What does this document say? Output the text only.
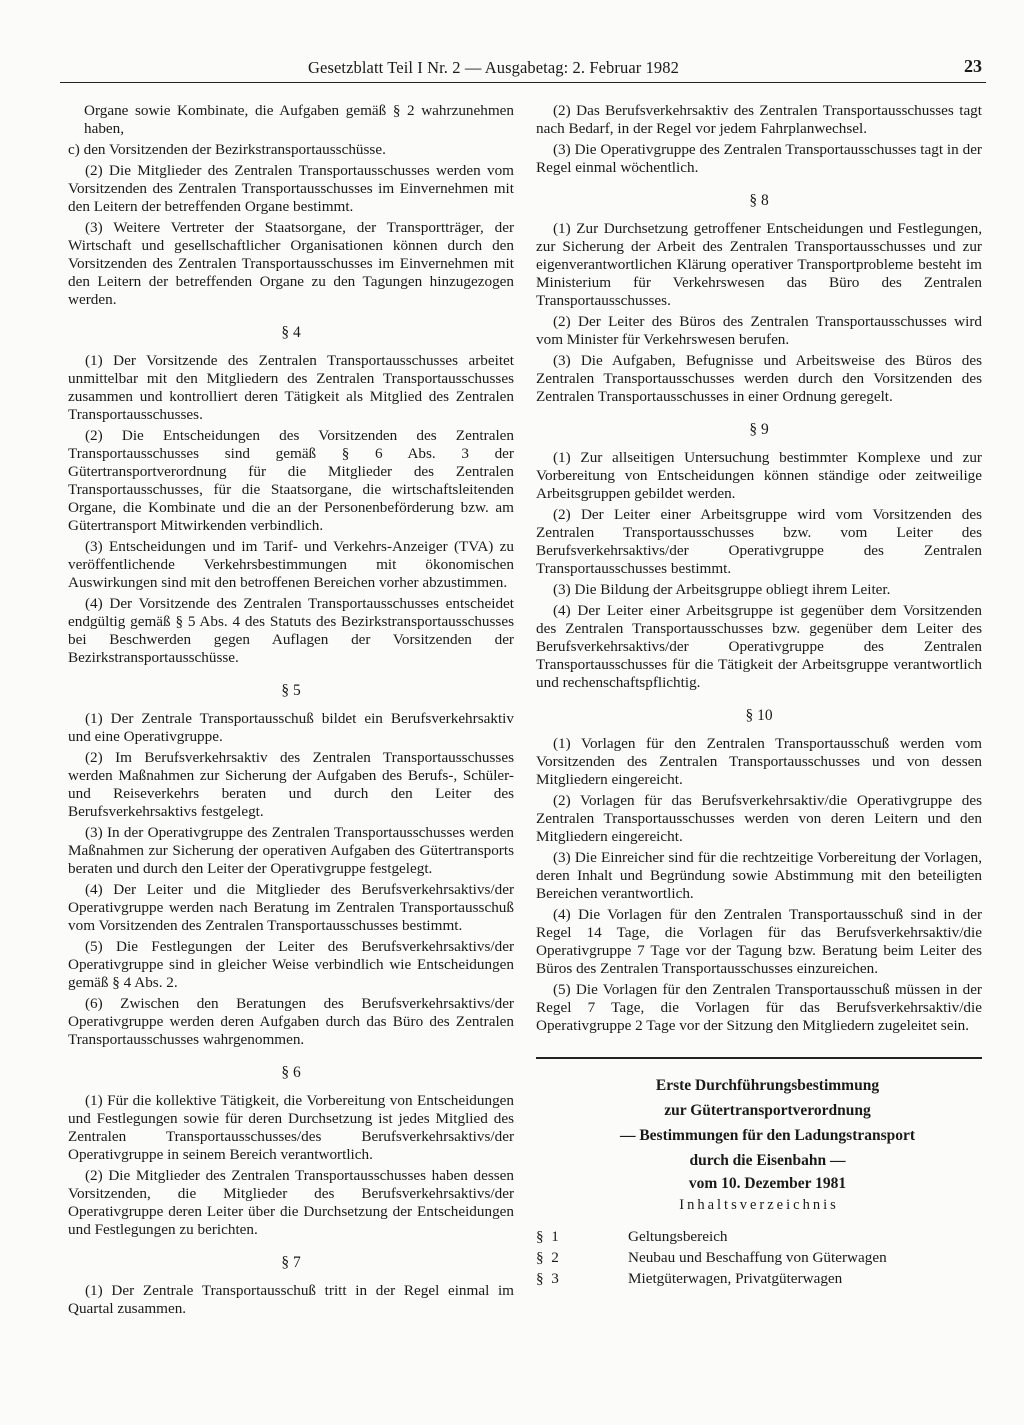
Gesetzblatt Teil I Nr. 2 — Ausgabetag: 2. Februar 1982	23

Organe sowie Kombinate, die Aufgaben gemäß § 2 wahrzunehmen haben,

c) den Vorsitzenden der Bezirkstransportausschüsse.

(2) Die Mitglieder des Zentralen Transportausschusses werden vom Vorsitzenden des Zentralen Transportausschusses im Einvernehmen mit den Leitern der betreffenden Organe bestimmt.

(3) Weitere Vertreter der Staatsorgane, der Transportträger, der Wirtschaft und gesellschaftlicher Organisationen können durch den Vorsitzenden des Zentralen Transportausschusses im Einvernehmen mit den Leitern der betreffenden Organe zu den Tagungen hinzugezogen werden.

§ 4

(1) Der Vorsitzende des Zentralen Transportausschusses arbeitet unmittelbar mit den Mitgliedern des Zentralen Transportausschusses zusammen und kontrolliert deren Tätigkeit als Mitglied des Zentralen Transportausschusses.

(2) Die Entscheidungen des Vorsitzenden des Zentralen Transportausschusses sind gemäß § 6 Abs. 3 der Gütertransportverordnung für die Mitglieder des Zentralen Transportausschusses, für die Staatsorgane, die wirtschaftsleitenden Organe, die Kombinate und die an der Personenbeförderung bzw. am Gütertransport Mitwirkenden verbindlich.

(3) Entscheidungen und im Tarif- und Verkehrs-Anzeiger (TVA) zu veröffentlichende Verkehrsbestimmungen mit ökonomischen Auswirkungen sind mit den betroffenen Bereichen vorher abzustimmen.

(4) Der Vorsitzende des Zentralen Transportausschusses entscheidet endgültig gemäß § 5 Abs. 4 des Statuts des Bezirkstransportausschusses bei Beschwerden gegen Auflagen der Vorsitzenden der Bezirkstransportausschüsse.

§ 5

(1) Der Zentrale Transportausschuß bildet ein Berufsverkehrsaktiv und eine Operativgruppe.

(2) Im Berufsverkehrsaktiv des Zentralen Transportausschusses werden Maßnahmen zur Sicherung der Aufgaben des Berufs-, Schüler- und Reiseverkehrs beraten und durch den Leiter des Berufsverkehrsaktivs festgelegt.

(3) In der Operativgruppe des Zentralen Transportausschusses werden Maßnahmen zur Sicherung der operativen Aufgaben des Gütertransports beraten und durch den Leiter der Operativgruppe festgelegt.

(4) Der Leiter und die Mitglieder des Berufsverkehrsaktivs/der Operativgruppe werden nach Beratung im Zentralen Transportausschuß vom Vorsitzenden des Zentralen Transportausschusses bestimmt.

(5) Die Festlegungen der Leiter des Berufsverkehrsaktivs/der Operativgruppe sind in gleicher Weise verbindlich wie Entscheidungen gemäß § 4 Abs. 2.

(6) Zwischen den Beratungen des Berufsverkehrsaktivs/der Operativgruppe werden deren Aufgaben durch das Büro des Zentralen Transportausschusses wahrgenommen.

§ 6

(1) Für die kollektive Tätigkeit, die Vorbereitung von Entscheidungen und Festlegungen sowie für deren Durchsetzung ist jedes Mitglied des Zentralen Transportausschusses/des Berufsverkehrsaktivs/der Operativgruppe in seinem Bereich verantwortlich.

(2) Die Mitglieder des Zentralen Transportausschusses haben dessen Vorsitzenden, die Mitglieder des Berufsverkehrsaktivs/der Operativgruppe deren Leiter über die Durchsetzung der Entscheidungen und Festlegungen zu berichten.

§ 7

(1) Der Zentrale Transportausschuß tritt in der Regel einmal im Quartal zusammen.

(2) Das Berufsverkehrsaktiv des Zentralen Transportausschusses tagt nach Bedarf, in der Regel vor jedem Fahrplanwechsel.

(3) Die Operativgruppe des Zentralen Transportausschusses tagt in der Regel einmal wöchentlich.

§ 8

(1) Zur Durchsetzung getroffener Entscheidungen und Festlegungen, zur Sicherung der Arbeit des Zentralen Transportausschusses und zur eigenverantwortlichen Klärung operativer Transportprobleme besteht im Ministerium für Verkehrswesen das Büro des Zentralen Transportausschusses.

(2) Der Leiter des Büros des Zentralen Transportausschusses wird vom Minister für Verkehrswesen berufen.

(3) Die Aufgaben, Befugnisse und Arbeitsweise des Büros des Zentralen Transportausschusses werden durch den Vorsitzenden des Zentralen Transportausschusses in einer Ordnung geregelt.

§ 9

(1) Zur allseitigen Untersuchung bestimmter Komplexe und zur Vorbereitung von Entscheidungen können ständige oder zeitweilige Arbeitsgruppen gebildet werden.

(2) Der Leiter einer Arbeitsgruppe wird vom Vorsitzenden des Zentralen Transportausschusses bzw. vom Leiter des Berufsverkehrsaktivs/der Operativgruppe des Zentralen Transportausschusses bestimmt.

(3) Die Bildung der Arbeitsgruppe obliegt ihrem Leiter.

(4) Der Leiter einer Arbeitsgruppe ist gegenüber dem Vorsitzenden des Zentralen Transportausschusses bzw. gegenüber dem Leiter des Berufsverkehrsaktivs/der Operativgruppe des Zentralen Transportausschusses für die Tätigkeit der Arbeitsgruppe verantwortlich und rechenschaftspflichtig.

§ 10

(1) Vorlagen für den Zentralen Transportausschuß werden vom Vorsitzenden des Zentralen Transportausschusses und von dessen Mitgliedern eingereicht.

(2) Vorlagen für das Berufsverkehrsaktiv/die Operativgruppe des Zentralen Transportausschusses werden von deren Leitern und den Mitgliedern eingereicht.

(3) Die Einreicher sind für die rechtzeitige Vorbereitung der Vorlagen, deren Inhalt und Begründung sowie Abstimmung mit den beteiligten Bereichen verantwortlich.

(4) Die Vorlagen für den Zentralen Transportausschuß sind in der Regel 14 Tage, die Vorlagen für das Berufsverkehrsaktiv/die Operativgruppe 7 Tage vor der Tagung bzw. Beratung beim Leiter des Büros des Zentralen Transportausschusses einzureichen.

(5) Die Vorlagen für den Zentralen Transportausschuß müssen in der Regel 7 Tage, die Vorlagen für das Berufsverkehrsaktiv/die Operativgruppe 2 Tage vor der Sitzung den Mitgliedern zugeleitet sein.

Erste Durchführungsbestimmung

zur Gütertransportverordnung

— Bestimmungen für den Ladungstransport

durch die Eisenbahn —

vom 10. Dezember 1981

Inhaltsverzeichnis
§  1	Geltungsbereich
§  2	Neubau und Beschaffung von Güterwagen
§  3	Mietgüterwagen, Privatgüterwagen
